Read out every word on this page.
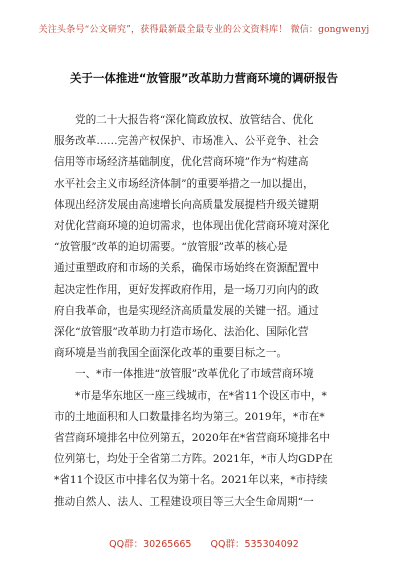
关注头条号“公文研究”，获得最新最全最专业的公文资料库！ 微信：gongwenyj
关于一体推进“放管服”改革助力营商环境的调研报告
党的二十大报告将“深化简政放权、放管结合、优化
服务改革……完善产权保护、市场准入、公平竞争、社会
信用等市场经济基础制度，优化营商环境”作为“构建高
水平社会主义市场经济体制”的重要举措之一加以提出，
体现出经济发展由高速增长向高质量发展提档升级关键期
对优化营商环境的迫切需求，也体现出优化营商环境对深化
“放管服”改革的迫切需要。“放管服”改革的核心是
通过重塑政府和市场的关系，确保市场始终在资源配置中
起决定性作用，更好发挥政府作用，是一场刀刃向内的政
府自我革命，也是实现经济高质量发展的关键一招。通过
深化“放管服”改革助力打造市场化、法治化、国际化营
商环境是当前我国全面深化改革的重要目标之一。
一、*市一体推进“放管服”改革优化了市域营商环境
*市是华东地区一座三线城市，在*省11个设区市中，*
市的土地面积和人口数量排名均为第三。2019年，*市在*
省营商环境排名中位列第五，2020年在*省营商环境排名中
位列第七，均处于全省第二方阵。2021年，*市人均GDP在
*省11个设区市中排名仅为第十名。2021年以来，*市持续
推动自然人、法人、工程建设项目等三大全生命周期“一
QQ群：30265665 QQ群：535304092
